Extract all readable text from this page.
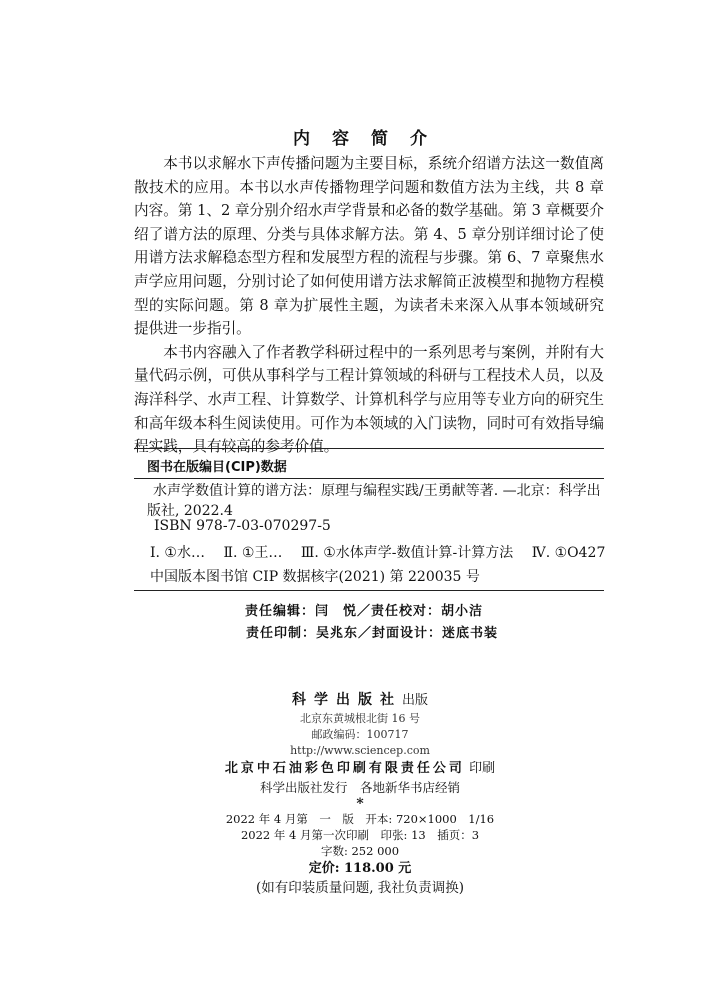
内容简介

本书以求解水下声传播问题为主要目标，系统介绍谱方法这一数值离散技术的应用。本书以水声传播物理学问题和数值方法为主线，共 8 章内容。第 1、2 章分别介绍水声学背景和必备的数学基础。第 3 章概要介绍了谱方法的原理、分类与具体求解方法。第 4、5 章分别详细讨论了使用谱方法求解稳态型方程和发展型方程的流程与步骤。第 6、7 章聚焦水声学应用问题，分别讨论了如何使用谱方法求解简正波模型和抛物方程模型的实际问题。第 8 章为扩展性主题，为读者未来深入从事本领域研究提供进一步指引。

本书内容融入了作者教学科研过程中的一系列思考与案例，并附有大量代码示例，可供从事科学与工程计算领域的科研与工程技术人员，以及海洋科学、水声工程、计算数学、计算机科学与应用等专业方向的研究生和高年级本科生阅读使用。可作为本领域的入门读物，同时可有效指导编程实践，具有较高的参考价值。

图书在版编目(CIP)数据
水声学数值计算的谱方法：原理与编程实践/王勇献等著. —北京：科学出
版社, 2022.4
ISBN 978-7-03-070297-5
Ⅰ. ①水… Ⅱ. ①王… Ⅲ. ①水体声学-数值计算-计算方法 Ⅳ. ①O427
中国版本图书馆 CIP 数据核字(2021) 第 220035 号
责任编辑：闫　悦／责任校对：胡小洁
责任印制：吴兆东／封面设计：迷底书装
科学出版社出版
北京东黄城根北街 16 号
邮政编码：100717
http://www.sciencep.com
北京中石油彩色印刷有限责任公司 印刷
科学出版社发行　各地新华书店经销
*
2022 年 4 月第　一　版　开本: 720×1000　1/16
2022 年 4 月第一次印刷　印张: 13　插页：3
字数: 252 000
定价: 118.00 元
(如有印装质量问题, 我社负责调换)
